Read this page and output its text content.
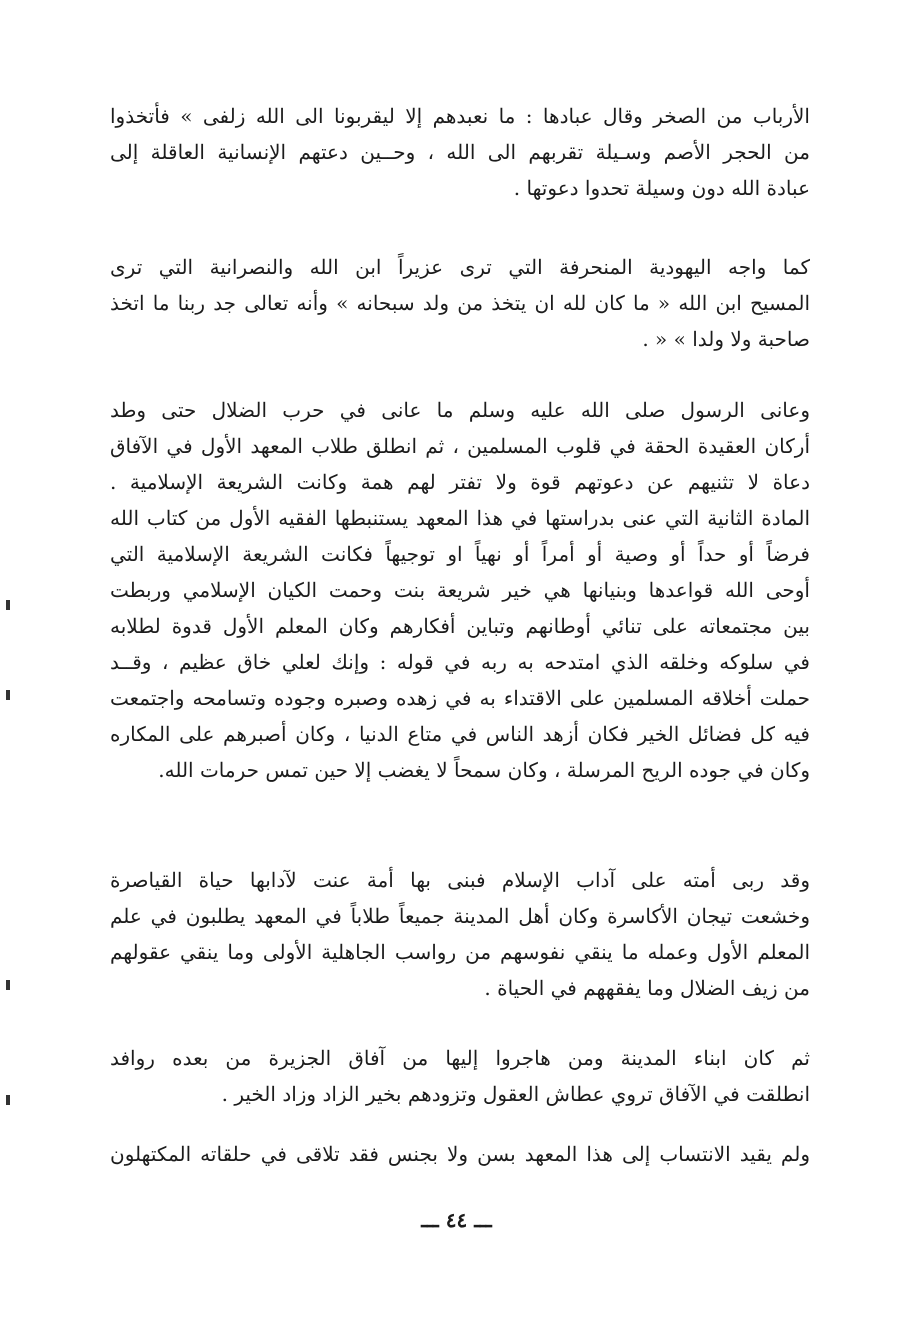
الأرباب من الصخر وقال عبادها : ما نعبدهم إلا ليقربونا الى الله زلفى » فأتخذوا
من الحجر الأصم وسـيلة تقربهم الى الله ، وحــين دعتهم الإنسانية العاقلة إلى
عبادة الله دون وسيلة تحدوا دعوتها .
كما واجه اليهودية المنحرفة التي ترى عزيراً ابن الله والنصرانية التي ترى
المسيح ابن الله « ما كان لله ان يتخذ من ولد سبحانه » وأنه تعالى جد ربنا ما اتخذ
صاحبة ولا ولدا » « .
وعانى الرسول صلى الله عليه وسلم ما عانى في حرب الضلال حتى وطد
أركان العقيدة الحقة في قلوب المسلمين ، ثم انطلق طلاب المعهد الأول في الآفاق
دعاة لا تثنيهم عن دعوتهم قوة ولا تفتر لهم همة وكانت الشريعة الإسلامية .
المادة الثانية التي عنى بدراستها في هذا المعهد يستنبطها الفقيه الأول من كتاب الله
فرضاً أو حداً أو وصية أو أمراً أو نهياً او توجيهاً فكانت الشريعة الإسلامية التي
أوحى الله قواعدها وبنيانها هي خير شريعة بنت وحمت الكيان الإسلامي وربطت
بين مجتمعاته على تنائي أوطانهم وتباين أفكارهم وكان المعلم الأول قدوة لطلابه
في سلوكه وخلقه الذي امتدحه به ربه في قوله : وإنك لعلي خاق عظيم ، وقــد
حملت أخلاقه المسلمين على الاقتداء به في زهده وصبره وجوده وتسامحه واجتمعت
فيه كل فضائل الخير فكان أزهد الناس في متاع الدنيا ، وكان أصبرهم على المكاره
وكان في جوده الريح المرسلة ، وكان سمحاً لا يغضب إلا حين تمس حرمات الله.
وقد ربى أمته على آداب الإسلام فبنى بها أمة عنت لآدابها حياة القياصرة
وخشعت تيجان الأكاسرة وكان أهل المدينة جميعاً طلاباً في المعهد يطلبون في علم
المعلم الأول وعمله ما ينقي نفوسهم من رواسب الجاهلية الأولى وما ينقي عقولهم
من زيف الضلال وما يفقههم في الحياة .
ثم كان ابناء المدينة ومن هاجروا إليها من آفاق الجزيرة من بعده روافد
انطلقت في الآفاق تروي عطاش العقول وتزودهم بخير الزاد وزاد الخير .
ولم يقيد الانتساب إلى هذا المعهد بسن ولا بجنس فقد تلاقى في حلقاته المكتهلون
ـــ ٤٤ ـــ
